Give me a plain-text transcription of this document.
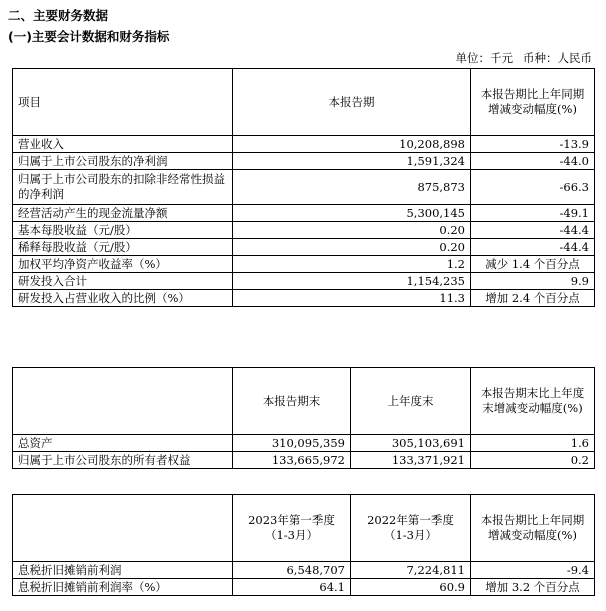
二、主要财务数据
(一)主要会计数据和财务指标
单位：千元 币种：人民币
项目	本报告期	本报告期比上年同期增减变动幅度(%)
营业收入	10,208,898	-13.9
归属于上市公司股东的净利润	1,591,324	-44.0
归属于上市公司股东的扣除非经常性损益的净利润	875,873	-66.3
经营活动产生的现金流量净额	5,300,145	-49.1
基本每股收益（元/股）	0.20	-44.4
稀释每股收益（元/股）	0.20	-44.4
加权平均净资产收益率（%）	1.2	减少 1.4 个百分点
研发投入合计	1,154,235	9.9
研发投入占营业收入的比例（%）	11.3	增加 2.4 个百分点
	本报告期末	上年度末	本报告期末比上年度末增减变动幅度(%)
总资产	310,095,359	305,103,691	1.6
归属于上市公司股东的所有者权益	133,665,972	133,371,921	0.2
	2023年第一季度（1-3月）	2022年第一季度（1-3月）	本报告期比上年同期增减变动幅度(%)
息税折旧摊销前利润	6,548,707	7,224,811	-9.4
息税折旧摊销前利润率（%）	64.1	60.9	增加 3.2 个百分点
